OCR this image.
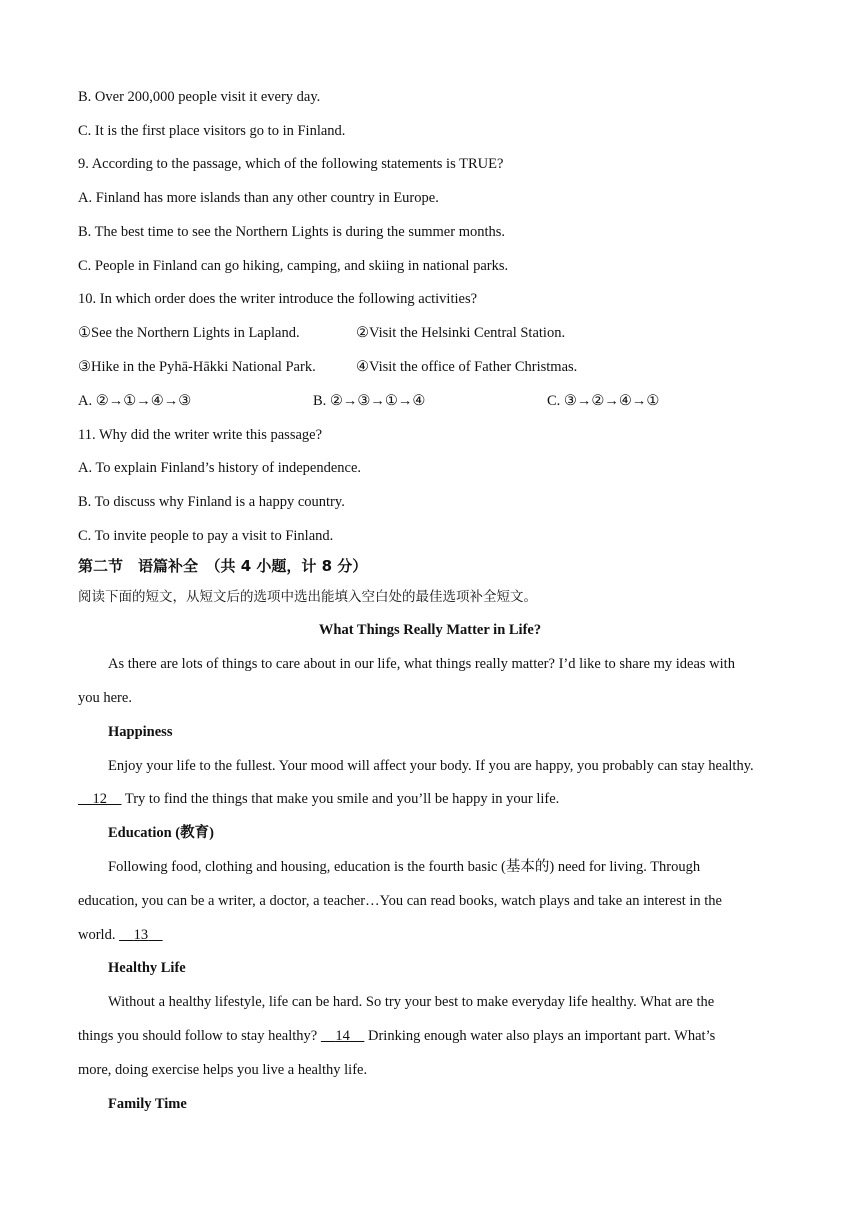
B. Over 200,000 people visit it every day.
C. It is the first place visitors go to in Finland.
9. According to the passage, which of the following statements is TRUE?
A. Finland has more islands than any other country in Europe.
B. The best time to see the Northern Lights is during the summer months.
C. People in Finland can go hiking, camping, and skiing in national parks.
10. In which order does the writer introduce the following activities?
①See the Northern Lights in Lapland.	②Visit the Helsinki Central Station.
③Hike in the Pyhā-Hākki National Park.	④Visit the office of Father Christmas.
A. ②→①→④→③	B. ②→③→①→④	C. ③→②→④→①
11. Why did the writer write this passage?
A. To explain Finland’s history of independence.
B. To discuss why Finland is a happy country.
C. To invite people to pay a visit to Finland.
第二节　语篇补全　（共 4 小题，计 8 分）
阅读下面的短文，从短文后的选项中选出能填入空白处的最佳选项补全短文。
What Things Really Matter in Life?
As there are lots of things to care about in our life, what things really matter? I’d like to share my ideas with
you here.
Happiness
Enjoy your life to the fullest. Your mood will affect your body. If you are happy, you probably can stay healthy.
12     Try to find the things that make you smile and you’ll be happy in your life.
Education (教育)
Following food, clothing and housing, education is the fourth basic (基本的) need for living. Through
education, you can be a writer, a doctor, a teacher…You can read books, watch plays and take an interest in the
world.     13
Healthy Life
Without a healthy lifestyle, life can be hard. So try your best to make everyday life healthy. What are the
things you should follow to stay healthy?     14     Drinking enough water also plays an important part. What’s
more, doing exercise helps you live a healthy life.
Family Time
